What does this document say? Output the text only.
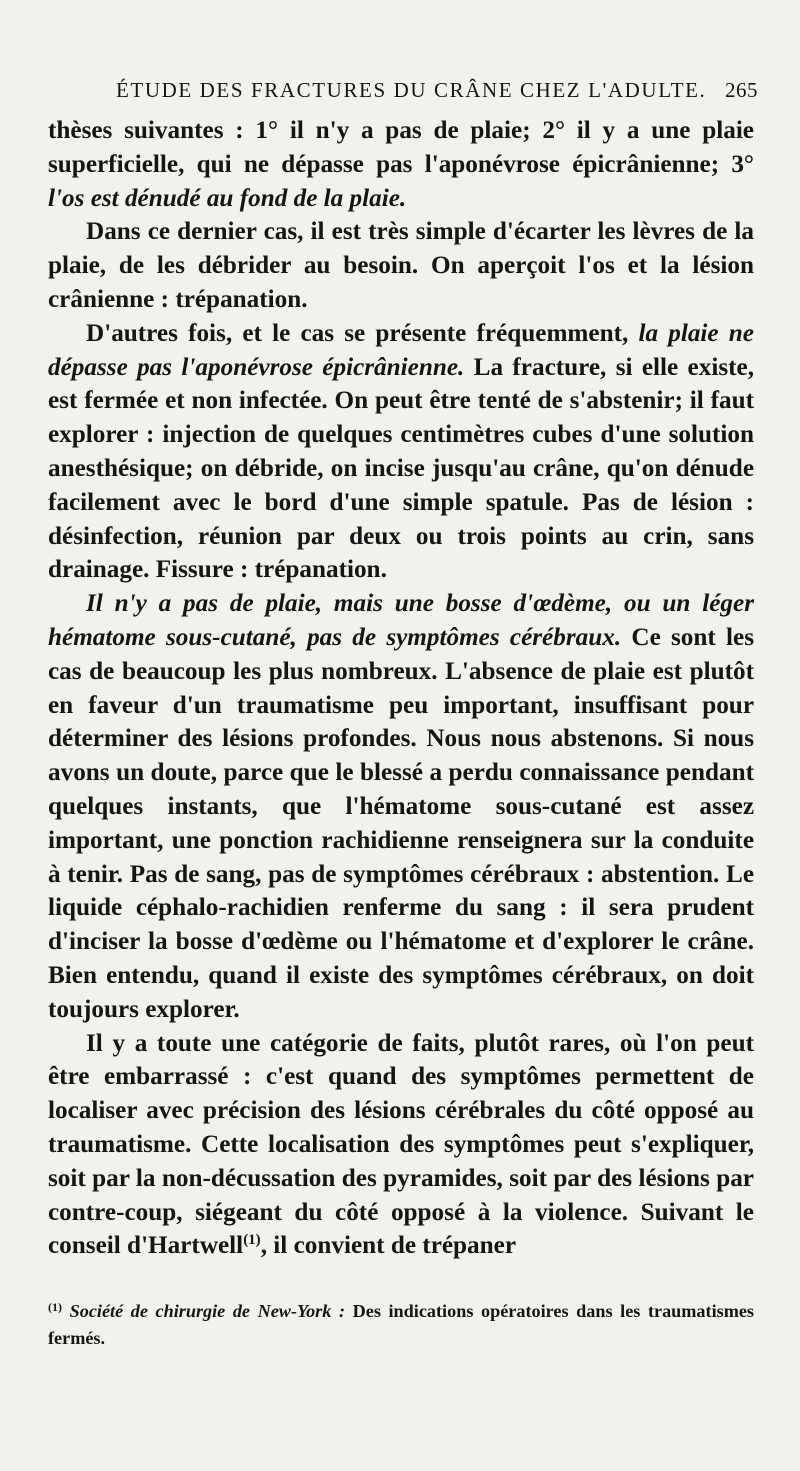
ÉTUDE DES FRACTURES DU CRÂNE CHEZ L'ADULTE. 265

thèses suivantes : 1° il n'y a pas de plaie; 2° il y a une plaie superficielle, qui ne dépasse pas l'aponévrose épicrânienne; 3° l'os est dénudé au fond de la plaie.

Dans ce dernier cas, il est très simple d'écarter les lèvres de la plaie, de les débrider au besoin. On aperçoit l'os et la lésion crânienne : trépanation.

D'autres fois, et le cas se présente fréquemment, la plaie ne dépasse pas l'aponévrose épicrânienne. La fracture, si elle existe, est fermée et non infectée. On peut être tenté de s'abstenir; il faut explorer : injection de quelques centimètres cubes d'une solution anesthésique; on débride, on incise jusqu'au crâne, qu'on dénude facilement avec le bord d'une simple spatule. Pas de lésion : désinfection, réunion par deux ou trois points au crin, sans drainage. Fissure : trépanation.

Il n'y a pas de plaie, mais une bosse d'œdème, ou un léger hématome sous-cutané, pas de symptômes cérébraux. Ce sont les cas de beaucoup les plus nombreux. L'absence de plaie est plutôt en faveur d'un traumatisme peu important, insuffisant pour déterminer des lésions profondes. Nous nous abstenons. Si nous avons un doute, parce que le blessé a perdu connaissance pendant quelques instants, que l'hématome sous-cutané est assez important, une ponction rachidienne renseignera sur la conduite à tenir. Pas de sang, pas de symptômes cérébraux : abstention. Le liquide céphalo-rachidien renferme du sang : il sera prudent d'inciser la bosse d'œdème ou l'hématome et d'explorer le crâne. Bien entendu, quand il existe des symptômes cérébraux, on doit toujours explorer.

Il y a toute une catégorie de faits, plutôt rares, où l'on peut être embarrassé : c'est quand des symptômes permettent de localiser avec précision des lésions cérébrales du côté opposé au traumatisme. Cette localisation des symptômes peut s'expliquer, soit par la non-décussation des pyramides, soit par des lésions par contre-coup, siégeant du côté opposé à la violence. Suivant le conseil d'Hartwell$^{(1)}$, il convient de trépaner

$^{(1)}$ Société de chirurgie de New-York : Des indications opératoires dans les traumatismes fermés.
